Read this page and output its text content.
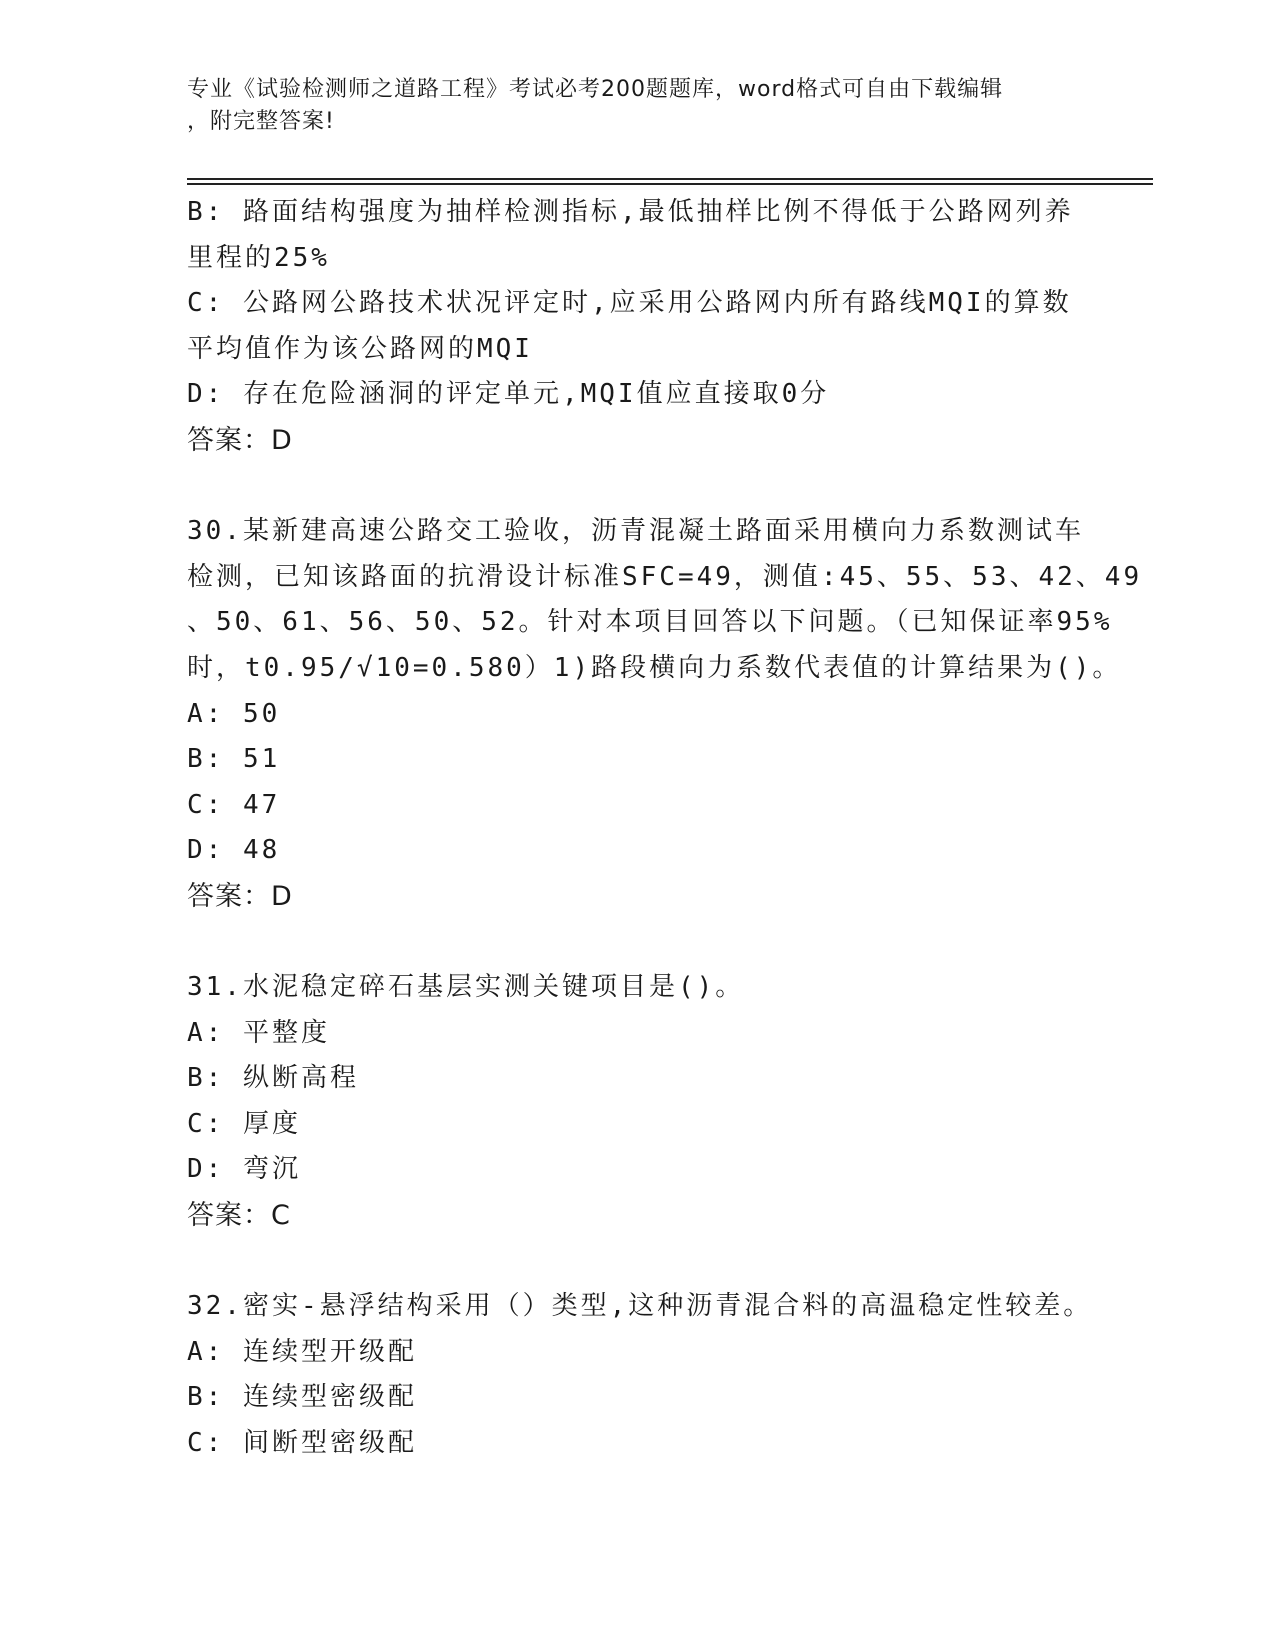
专业《试验检测师之道路工程》考试必考200题题库，word格式可自由下载编辑
，附完整答案!
B: 路面结构强度为抽样检测指标,最低抽样比例不得低于公路网列养
里程的25%
C: 公路网公路技术状况评定时,应采用公路网内所有路线MQI的算数
平均值作为该公路网的MQI
D: 存在危险涵洞的评定单元,MQI值应直接取0分
答案：D
30.某新建高速公路交工验收，沥青混凝土路面采用横向力系数测试车
检测，已知该路面的抗滑设计标准SFC=49，测值:45、55、53、42、49
、50、61、56、50、52。针对本项目回答以下问题。（已知保证率95%
时，t0.95/√10=0.580）1)路段横向力系数代表值的计算结果为()。
A: 50
B: 51
C: 47
D: 48
答案：D
31.水泥稳定碎石基层实测关键项目是()。
A: 平整度
B: 纵断高程
C: 厚度
D: 弯沉
答案：C
32.密实-悬浮结构采用（）类型,这种沥青混合料的高温稳定性较差。
A: 连续型开级配
B: 连续型密级配
C: 间断型密级配
